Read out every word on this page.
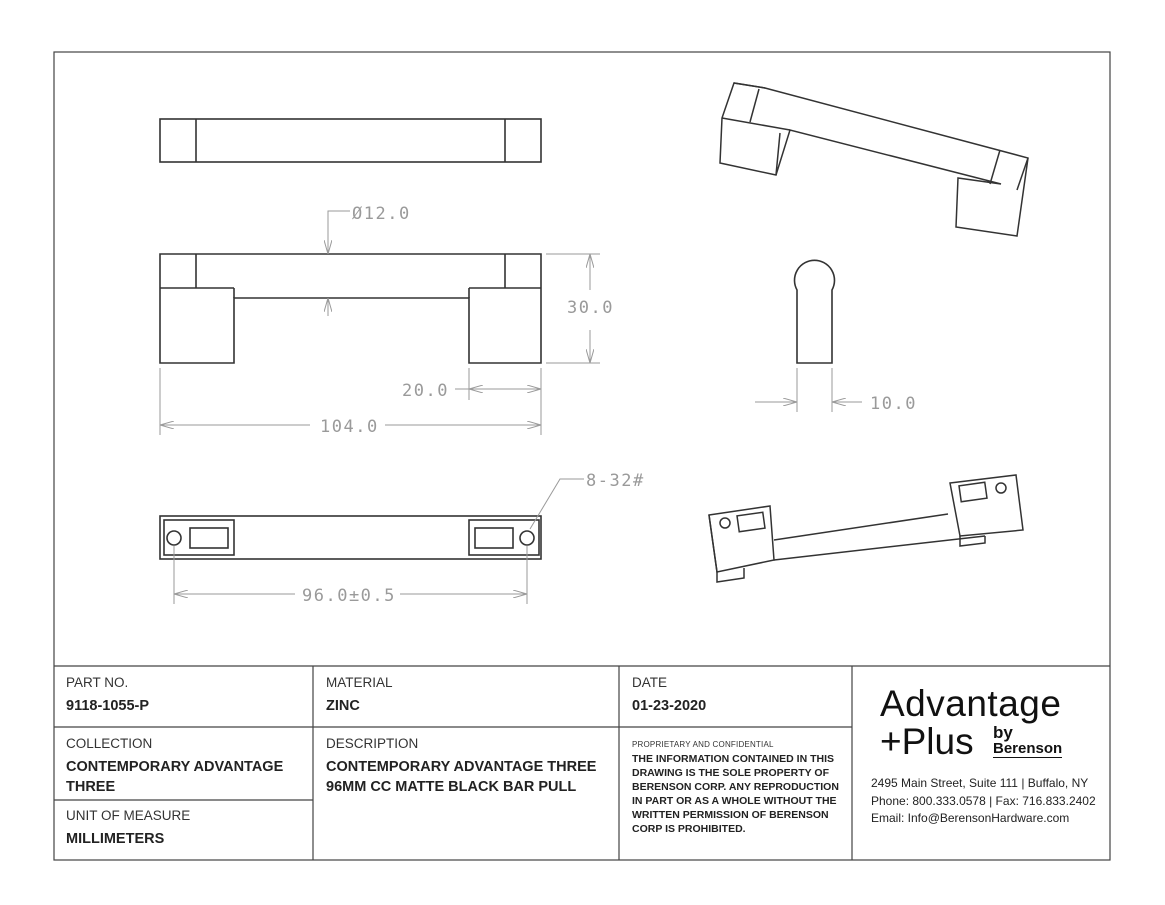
Ø12.0
30.0
20.0
104.0
10.0
8-32#
96.0±0.5
PART NO.
9118-1055-P
MATERIAL
ZINC
DATE
01-23-2020
COLLECTION
CONTEMPORARY ADVANTAGE
THREE
DESCRIPTION
CONTEMPORARY ADVANTAGE THREE
96MM CC MATTE BLACK BAR PULL
UNIT OF MEASURE
MILLIMETERS
PROPRIETARY AND CONFIDENTIAL
THE INFORMATION CONTAINED IN THIS
DRAWING IS THE SOLE PROPERTY OF
BERENSON CORP. ANY REPRODUCTION
IN PART OR AS A WHOLE WITHOUT THE
WRITTEN PERMISSION OF BERENSON
CORP IS PROHIBITED.
Advantage
+Plus by
Berenson
2495 Main Street, Suite 111 | Buffalo, NY
Phone: 800.333.0578 | Fax: 716.833.2402
Email: Info@BerensonHardware.com
